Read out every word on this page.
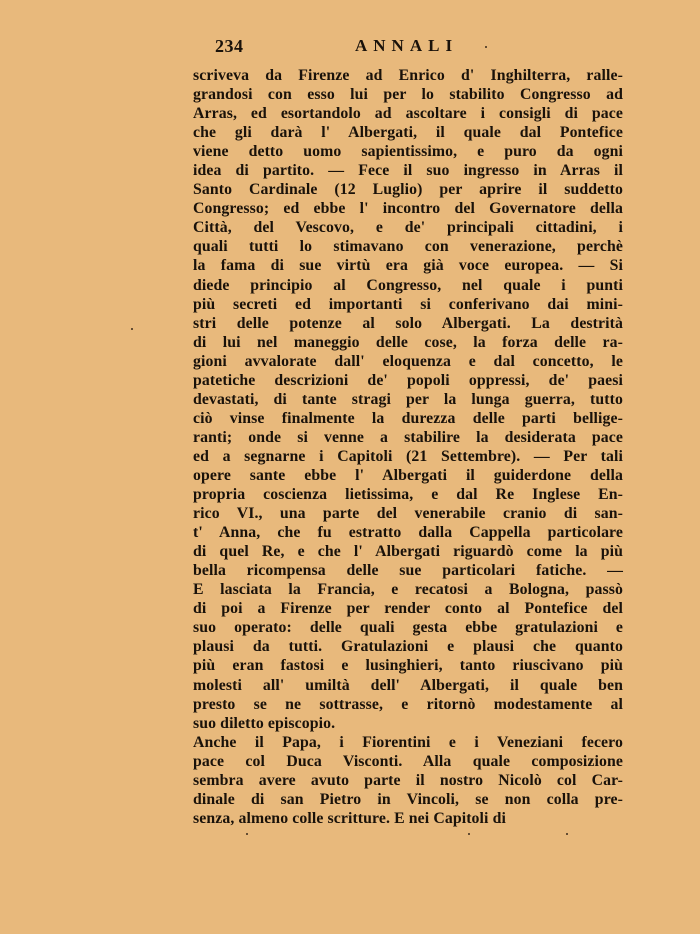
234	ANNALI
scriveva da Firenze ad Enrico d' Inghilterra, ralle-
grandosi con esso lui per lo stabilito Congresso ad
Arras, ed esortandolo ad ascoltare i consigli di pace
che gli darà l' Albergati, il quale dal Pontefice
viene detto uomo sapientissimo, e puro da ogni
idea di partito. — Fece il suo ingresso in Arras il
Santo Cardinale (12 Luglio) per aprire il suddetto
Congresso; ed ebbe l' incontro del Governatore della
Città, del Vescovo, e de' principali cittadini, i
quali tutti lo stimavano con venerazione, perchè
la fama di sue virtù era già voce europea. — Si
diede principio al Congresso, nel quale i punti
più secreti ed importanti si conferivano dai mini-
stri delle potenze al solo Albergati. La destrità
di lui nel maneggio delle cose, la forza delle ra-
gioni avvalorate dall' eloquenza e dal concetto, le
patetiche descrizioni de' popoli oppressi, de' paesi
devastati, di tante stragi per la lunga guerra, tutto
ciò vinse finalmente la durezza delle parti bellige-
ranti; onde si venne a stabilire la desiderata pace
ed a segnarne i Capitoli (21 Settembre). — Per tali
opere sante ebbe l' Albergati il guiderdone della
propria coscienza lietissima, e dal Re Inglese En-
rico VI., una parte del venerabile cranio di san-
t' Anna, che fu estratto dalla Cappella particolare
di quel Re, e che l' Albergati riguardò come la più
bella ricompensa delle sue particolari fatiche. —
E lasciata la Francia, e recatosi a Bologna, passò
di poi a Firenze per render conto al Pontefice del
suo operato: delle quali gesta ebbe gratulazioni e
plausi da tutti. Gratulazioni e plausi che quanto
più eran fastosi e lusinghieri, tanto riuscivano più
molesti all' umiltà dell' Albergati, il quale ben
presto se ne sottrasse, e ritornò modestamente al
suo diletto episcopio.
Anche il Papa, i Fiorentini e i Veneziani fecero
pace col Duca Visconti. Alla quale composizione
sembra avere avuto parte il nostro Nicolò col Car-
dinale di san Pietro in Vincoli, se non colla pre-
senza, almeno colle scritture. E nei Capitoli di
